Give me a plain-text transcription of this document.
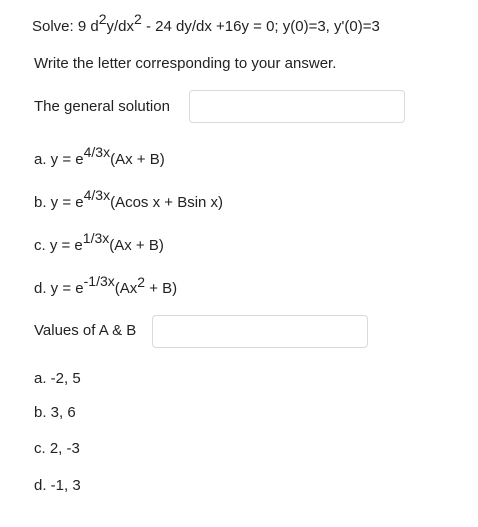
Solve: 9 d2y/dx2 - 24 dy/dx +16y = 0; y(0)=3, y'(0)=3
Write the letter corresponding to your answer.
The general solution
a. y = e4/3x(Ax + B)
b. y = e4/3x(Acos x + Bsin x)
c. y = e1/3x(Ax + B)
d. y = e-1/3x(Ax2 + B)
Values of A & B
a. -2, 5
b. 3, 6
c. 2, -3
d. -1, 3
